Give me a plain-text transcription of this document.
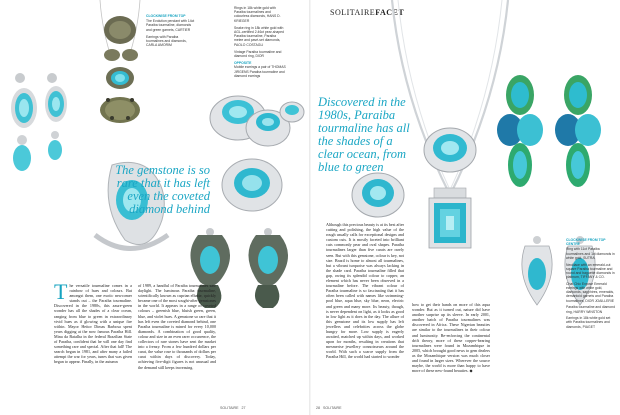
CLOCKWISE FROM TOP
The Evolution pendant with 14ct Paraiba tourmaline, diamonds and green garnets, CARTIER
Earrings with Paraiba tourmalines and diamonds, CARLA AMORIM
Rings in 18k white gold with Paraiba tourmalines and colourless diamonds, HANS D. KRIEGER
Snake ring in 18k white gold with AGL-certified 2.46ct pear-shaped Paraiba tourmaline, Paraiba melee and pavé-set diamonds, PAOLO COSTAGLI
Vintage Paraiba tourmaline and diamond ring, DIOR
OPPOSITE
Mobile earrings a pair of THOMAS JIRGENS Paraiba tourmaline and diamond earrings
The gemstone is so rare that it has left even the coveted diamond behind
The versatile tourmaline comes in a rainbow of hues and colours. But amongst them, one exotic newcomer stands out – the Paraiba tourmaline. Discovered in the 1980s, this azure-green wonder has all the shades of a clear ocean, ranging from blue to green in extraordinary vivid hues as if glowing with a unique fire within. Mayor Heitor Dimas Barbosa spent years digging at the now famous Paraiba Hill. Mina da Batalha in the federal Brazilian State of Paraiba, confident that he will one day find something rare and special. After that fall! The search began in 1981, and after many a failed attempt the war for years, tunes that was given began to appear. Finally, in the autumn
of 1989, a handful of Paraiba tourmalines saw daylight. The luminous Paraiba tourmaline, scientifically known as cuprian elbaite, quickly became one of the most sought-after gemstones in the world. It appears in a range of coveted colours – greenish blue, bluish green, green, blue, and violet hues. A gemstone so rare that it has left even the coveted diamond behind, one Paraiba tourmaline is mined for every 10,000 diamonds. A combination of good quality, colour and size in an even rarer occurrence, the collectors of rare stones have sent the market into a frenzy. From a few hundred dollars per carat, the value rose to thousands of dollars per carat within days of discovery. Today, achieving five-digit figures is not unusual and the demand still keeps increasing.
SOLITAIRE 27
SOLITAIREFACET
Discovered in the 1980s, Paraiba tourmaline has all the shades of a clear ocean, from blue to green
Although this precious beauty is at its best after cutting and polishing, the high value of the rough usually calls for exceptional designs and custom cuts. It is mostly faceted into brilliant cuts commonly pear and oval shapes. Paraiba tourmalines larger than five carats are rarely seen. But with this gemstone, colour is key, not size. Brazil is home to almost all tourmalines, but a vibrant turquoise was always lacking in the shade card. Paraiba tourmaline filled that gap, owing its splendid colour to copper, an element which has never been observed in a tourmaline before. The vibrant colour of Paraiba tourmaline is so fascinating that it has often been called with names like swimming-pool blue, aqua blue, sky blue, neon, electric and green and many more. Its beauty, though, is never dependent on light, as it looks as good in low light as it does in the day. The allure of this gemstone and its low supply has left jewellers and celebrities across the globe hungry for more. Low supply is eagerly awaited, matched up within days, and worked upon for months, resulting in creations that mesmerise jewellery connoisseurs around the world. With such a scarce supply from the Paraiba Hill, the world had started to wonder
how to get their hands on more of this aqua wonder. But as it turned out, nature did have another surprise up its sleeve. In early 2001, another batch of Paraiba tourmalines was discovered in Africa. These Nigerian beauties are similar to the tourmalines in their colour and luminosity. Re-enforcing the continental drift theory, more of these copper-bearing tourmalines were found in Mozambique in 2005, which brought good news to gem dealers as the Mozambique version was much closer and found in larger sizes. Wherever the source maybe, the world is more than happy to have more of these new-found beauties. ◆
CLOCKWISE FROM TOP CENTRE
Ring with 11ct Paraiba tourmalines and 1ct diamonds in white gold, SUTRA
Necklace with an emerald-cut square Paraiba tourmaline and round and baguette diamonds in platinum, TIFFANY & CO.
Chat Chic Expose Emerald earrings with white gold, diamonds, sapphires, emeralds, demantoid garnets and Paraiba tourmalines, DIOR JOAILLERIE
Paraiba tourmaline and diamond ring, HARRY WINSTON
Earrings in 18k white gold set with Paraiba tourmalines and diamonds, PIAGET
28 SOLITAIRE
